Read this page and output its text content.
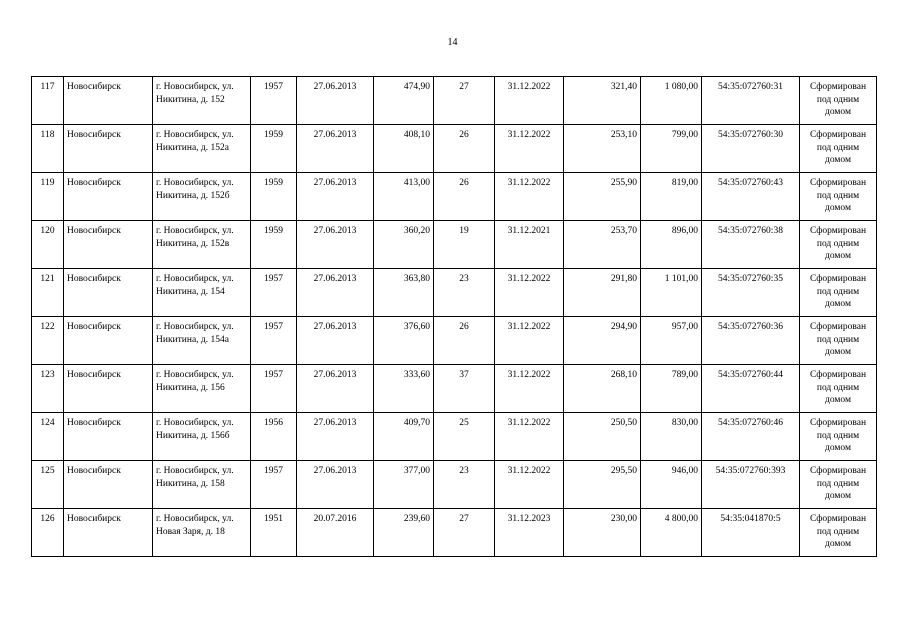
14
117	Новосибирск	г. Новосибирск, ул. Никитина, д. 152	1957	27.06.2013	474,90	27	31.12.2022	321,40	1 080,00	54:35:072760:31	Сформирован под одним домом
118	Новосибирск	г. Новосибирск, ул. Никитина, д. 152а	1959	27.06.2013	408,10	26	31.12.2022	253,10	799,00	54:35:072760:30	Сформирован под одним домом
119	Новосибирск	г. Новосибирск, ул. Никитина, д. 152б	1959	27.06.2013	413,00	26	31.12.2022	255,90	819,00	54:35:072760:43	Сформирован под одним домом
120	Новосибирск	г. Новосибирск, ул. Никитина, д. 152в	1959	27.06.2013	360,20	19	31.12.2021	253,70	896,00	54:35:072760:38	Сформирован под одним домом
121	Новосибирск	г. Новосибирск, ул. Никитина, д. 154	1957	27.06.2013	363,80	23	31.12.2022	291,80	1 101,00	54:35:072760:35	Сформирован под одним домом
122	Новосибирск	г. Новосибирск, ул. Никитина, д. 154а	1957	27.06.2013	376,60	26	31.12.2022	294,90	957,00	54:35:072760:36	Сформирован под одним домом
123	Новосибирск	г. Новосибирск, ул. Никитина, д. 156	1957	27.06.2013	333,60	37	31.12.2022	268,10	789,00	54:35:072760:44	Сформирован под одним домом
124	Новосибирск	г. Новосибирск, ул. Никитина, д. 156б	1956	27.06.2013	409,70	25	31.12.2022	250,50	830,00	54:35:072760:46	Сформирован под одним домом
125	Новосибирск	г. Новосибирск, ул. Никитина, д. 158	1957	27.06.2013	377,00	23	31.12.2022	295,50	946,00	54:35:072760:393	Сформирован под одним домом
126	Новосибирск	г. Новосибирск, ул. Новая Заря, д. 18	1951	20.07.2016	239,60	27	31.12.2023	230,00	4 800,00	54:35:041870:5	Сформирован под одним домом
